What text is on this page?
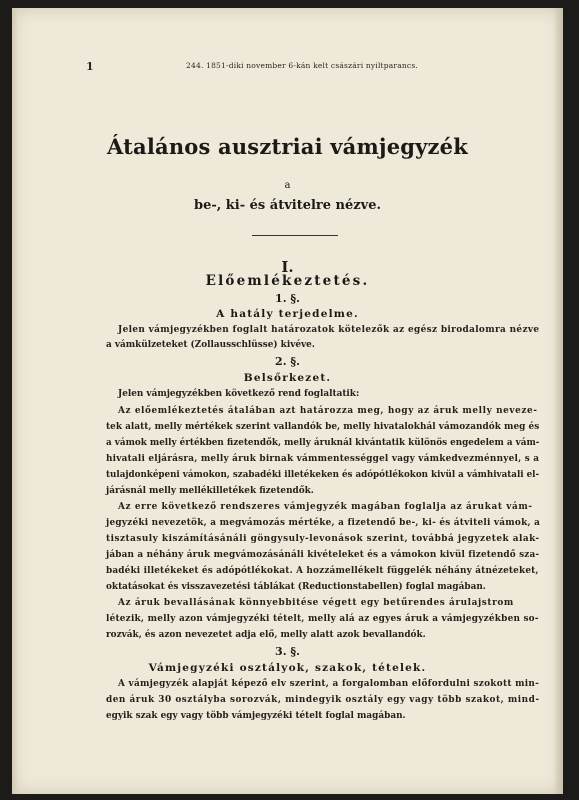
1	244. 1851-diki november 6-kán kelt császári nyiltparancs.
Átalános ausztriai vámjegyzék
a
be-, ki- és átvitelre nézve.
I.
Előemlékeztetés.
1. §.
A hatály terjedelme.
Jelen vámjegyzékben foglalt határozatok kötelezők az egész birodalomra nézve
a vámkülzeteket (Zollausschlüsse) kivéve.
2. §.
Belsőrkezet.
Jelen vámjegyzékben következő rend foglaltatik:
Az előemlékeztetés átalában azt határozza meg, hogy az áruk melly neveze-
tek alatt, melly mértékek szerint vallandók be, melly hivatalokhál vámozandók meg és
a vámok melly értékben fizetendők, melly áruknál kivántatik különös engedelem a vám-
hivatali eljárásra, melly áruk birnak vámmentességgel vagy vámkedvezménnyel, s a
tulajdonképeni vámokon, szabadéki illetékeken és adópótlékokon kivül a vámhivatali el-
járásnál melly mellékilletékek fizetendők.
Az erre következő rendszeres vámjegyzék magában foglalja az árukat vám-
jegyzéki nevezetök, a megvámozás mértéke, a fizetendő be-, ki- és átviteli vámok, a
tisztasuly kiszámításánáli göngysuly-levonások szerint, továbbá jegyzetek alak-
jában a néhány áruk megvámozásánáli kivételeket és a vámokon kivül fizetendő sza-
badéki illetékeket és adópótlékokat. A hozzámellékelt függelék néhány átnézeteket,
oktatásokat és visszavezetési táblákat (Reductionstabellen) foglal magában.
Az áruk bevallásának könnyebbitése végett egy betűrendes árulajstrom
létezik, melly azon vámjegyzéki tételt, melly alá az egyes áruk a vámjegyzékben so-
rozvák, és azon nevezetet adja elő, melly alatt azok bevallandók.
3. §.
Vámjegyzéki osztályok, szakok, tételek.
A vámjegyzék alapját képező elv szerint, a forgalomban előfordulni szokott min-
den áruk 30 osztályba sorozvák, mindegyik osztály egy vagy több szakot, mind-
egyik szak egy vagy több vámjegyzéki tételt foglal magában.
